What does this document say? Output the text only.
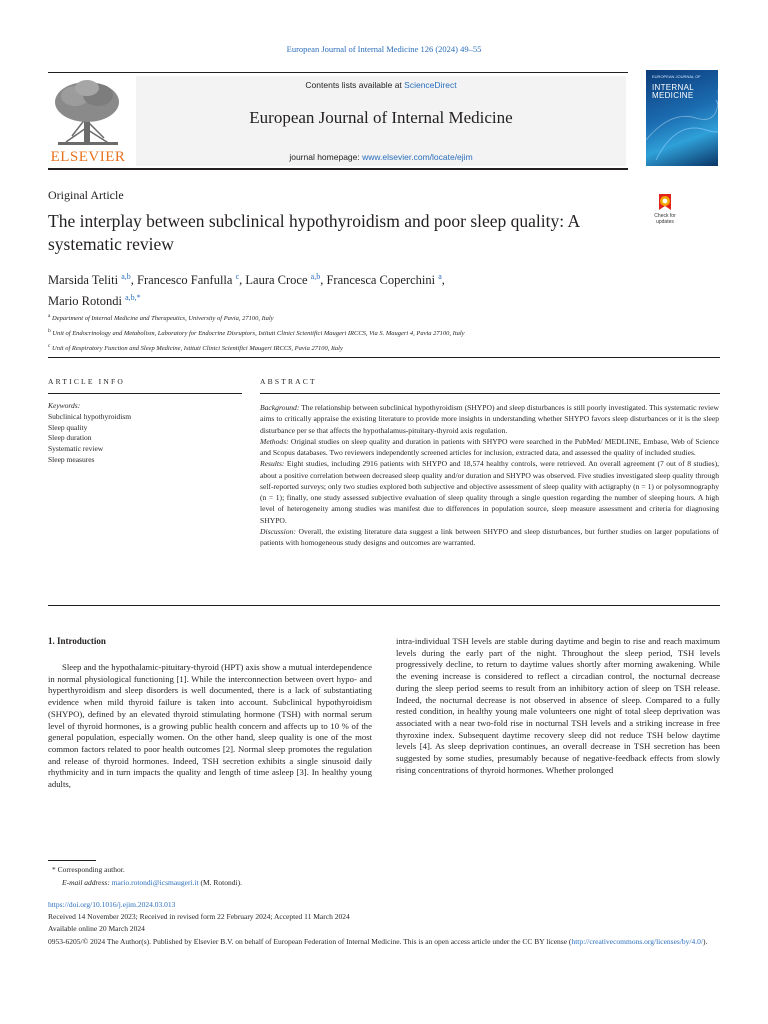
European Journal of Internal Medicine 126 (2024) 49–55
ELSEVIER
Contents lists available at ScienceDirect
European Journal of Internal Medicine
journal homepage: www.elsevier.com/locate/ejim
EUROPEAN JOURNAL OF
INTERNAL
MEDICINE
Original Article
The interplay between subclinical hypothyroidism and poor sleep quality: A systematic review
Check for updates
Marsida Teliti $^{a,b}$, Francesco Fanfulla $^c$, Laura Croce $^{a,b}$, Francesca Coperchini $^a$,
Mario Rotondi $^{a,b,*}$
$^a$ Department of Internal Medicine and Therapeutics, University of Pavia, 27100, Italy
$^b$ Unit of Endocrinology and Metabolism, Laboratory for Endocrine Disruptors, Istituti Clinici Scientifici Maugeri IRCCS, Via S. Maugeri 4, Pavia 27100, Italy
$^c$ Unit of Respiratory Function and Sleep Medicine, Istituti Clinici Scientifici Maugeri IRCCS, Pavia 27100, Italy
ARTICLE INFO	ABSTRACT
Keywords:
Subclinical hypothyroidism
Sleep quality
Sleep duration
Systematic review
Sleep measures

Background: The relationship between subclinical hypothyroidism (SHYPO) and sleep disturbances is still poorly investigated. This systematic review aims to critically appraise the existing literature to provide more insights in understanding whether SHYPO favors sleep disturbances or it is the sleep disturbance per se that affects the hypothalamus-pituitary-thyroid axis regulation.

Methods: Original studies on sleep quality and duration in patients with SHYPO were searched in the PubMed/ MEDLINE, Embase, Web of Science and Scopus databases. Two reviewers independently screened articles for inclusion, extracted data, and assessed the quality of included studies.

Results: Eight studies, including 2916 patients with SHYPO and 18,574 healthy controls, were retrieved. An overall agreement (7 out of 8 studies), about a positive correlation between decreased sleep quality and/or duration and SHYPO was observed. Five studies investigated sleep quality through self-reported surveys; only two studies explored both subjective and objective assessment of sleep quality with actigraphy (n = 1) or polysomnography (n = 1); finally, one study assessed subjective evaluation of sleep quality through a single question regarding the number of sleeping hours. A high level of heterogeneity among studies was manifest due to differences in population source, sleep measure assessment and criteria for diagnosing SHYPO.

Discussion: Overall, the existing literature data suggest a link between SHYPO and sleep disturbances, but further studies on larger populations of patients with homogeneous study designs and outcomes are warranted.

1. Introduction

Sleep and the hypothalamic-pituitary-thyroid (HPT) axis show a mutual interdependence in normal physiological functioning [1]. While the interconnection between overt hypo- and hyperthyroidism and sleep disorders is well documented, there is a lack of substantiating evidence when mild thyroid failure is taken into account. Subclinical hypothyroidism (SHYPO), defined by an elevated thyroid stimulating hormone (TSH) with normal serum level of thyroid hormones, is a growing public health concern and affects up to 10 % of the general population, especially women. On the other hand, sleep quality is one of the most common factors related to poor health outcomes [2]. Normal sleep promotes the regulation and release of thyroid hormones. Indeed, TSH secretion exhibits a single sinusoid daily rhythmicity and in turn impacts the quality and length of time asleep [3]. In healthy young adults,

intra-individual TSH levels are stable during daytime and begin to rise and reach maximum levels during the early part of the night. Throughout the sleep period, TSH levels progressively decline, to return to daytime values shortly after morning awakening. While the evening increase is considered to reflect a circadian control, the nocturnal decrease during the sleep period seems to result from an inhibitory action of sleep on TSH release. Indeed, the nocturnal decrease is not observed in absence of sleep. Compared to a fully rested condition, in healthy young male volunteers one night of total sleep deprivation was associated with a near two-fold rise in nocturnal TSH levels and a striking increase in free thyroxine index. Subsequent daytime recovery sleep did not reduce TSH below daytime levels [4]. As sleep deprivation continues, an overall decrease in TSH secretion has been suggested by some studies, presumably because of negative-feedback effects from slowly rising concentrations of thyroid hormones. Whether prolonged

* Corresponding author.
E-mail address: mario.rotondi@icsmaugeri.it (M. Rotondi).
https://doi.org/10.1016/j.ejim.2024.03.013
Received 14 November 2023; Received in revised form 22 February 2024; Accepted 11 March 2024
Available online 20 March 2024
0953-6205/© 2024 The Author(s). Published by Elsevier B.V. on behalf of European Federation of Internal Medicine. This is an open access article under the CC BY license (http://creativecommons.org/licenses/by/4.0/).
